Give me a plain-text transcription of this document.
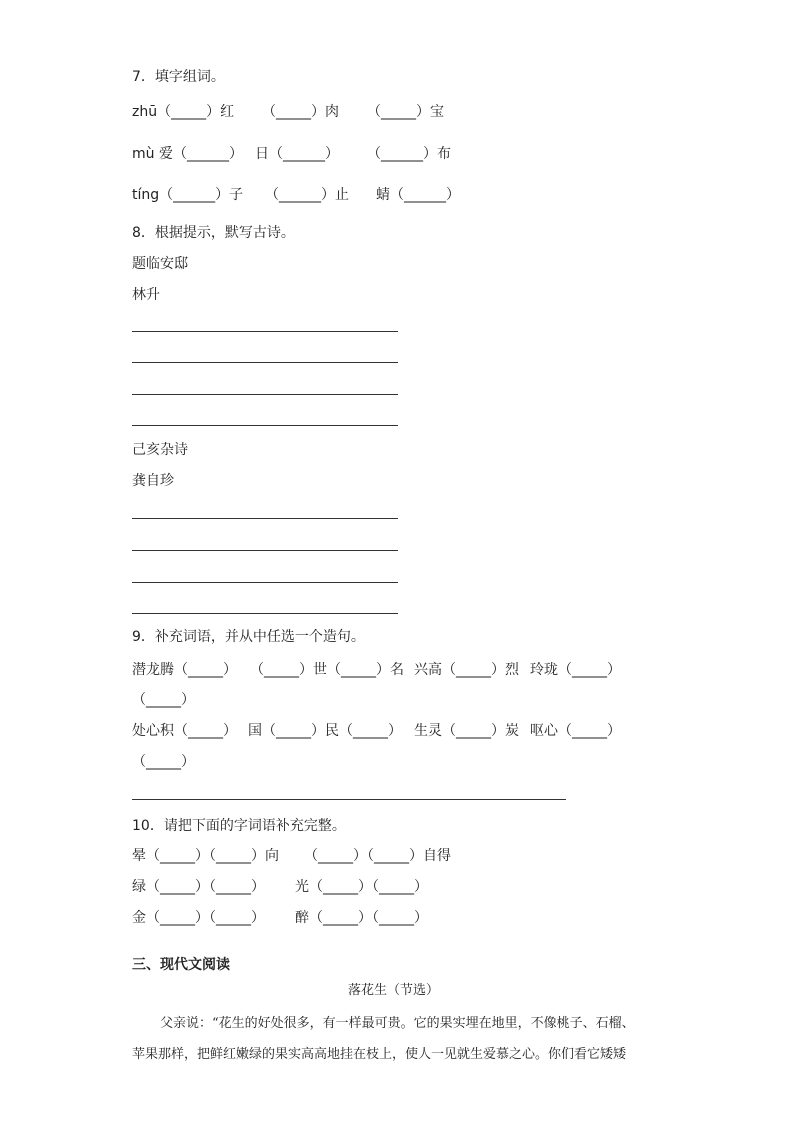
7．填字组词。
zhū（_____）红 （_____）肉 （_____）宝
mù 爱（______） 日（______） （______）布
tíng（______）子 （______）止 蜻（______）
8．根据提示，默写古诗。
题临安邸
林升
己亥杂诗
龚自珍
9．补充词语，并从中任选一个造句。
潜龙腾（_____） （_____）世（_____）名 兴高（_____）烈 玲珑（_____）
（_____）
处心积（_____） 国（_____）民（_____） 生灵（_____）炭 呕心（_____）
（_____）
10．请把下面的字词语补充完整。
晕（_____）（_____）向 （_____）（_____）自得
绿（_____）（_____） 光（_____）（_____）
金（_____）（_____） 醉（_____）（_____）
三、现代文阅读
落花生（节选）
父亲说：“花生的好处很多，有一样最可贵。它的果实埋在地里，不像桃子、石榴、
苹果那样，把鲜红嫩绿的果实高高地挂在枝上，使人一见就生爱慕之心。你们看它矮矮
